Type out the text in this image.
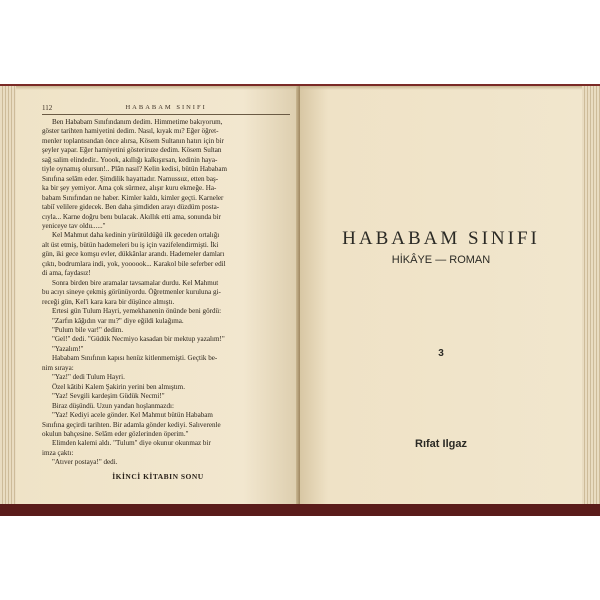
112	HABABAM SINIFI
Ben Hababam Sınıfındanım dedim. Himmetime bakıyorum,
göster tarihten hamiyetini dedim. Nasıl, kıyak mı? Eğer öğret-
menler toplantısından önce alırsa, Kösem Sultanın hatırı için bir
şeyler yapar. Eğer hamiyetini gösteriruze dedim. Kösem Sultan
sağ salim elindedir.. Yoook, akıllığı kalkışırsan, kedinin haya-
tiyle oynamış olursun!.. Plân nasıl? Kelin kedisi, bütün Hababam
Sınıfına selâm eder. Şimdilik hayattadır. Namussuz, etten baş-
ka bir şey yemiyor. Ama çok sürmez, alışır kuru ekmeğe. Ha-
babam Sınıfından ne haber. Kimler kaldı, kimler geçti. Karneler
tabiî velilere gidecek. Ben daha şimdiden arayı düzdüm posta-
cıyla... Karne doğru benı bulacak. Akıllık etti ama, sonunda bir
yeniceye tav oldu......"
Kel Mahmut daha kedinin yürütüldüğü ilk geceden ortalığı
alt üst etmiş, bütün hademeleri bu iş için vazifelendirmişti. İki
gün, iki gece komşu evler, dükkânlar arandı. Hademeler damları
çıktı, bodrumlara indi, yok, yoooook... Karakol bile seferber edil
di ama, faydasız!
Sonra birden bire aramalar tavsamalar durdu. Kel Mahmut
bu acıyı sineye çekmiş görünüyordu. Öğretmenler kuruluna gi-
receği gün, Kel'i kara kara bir düşünce almıştı.
Ertesi gün Tulum Hayri, yemekhanenin önünde beni gördü:
"Zarfın kâğıdın var mı?" diye eğildi kulağıma.
"Pulum bile var!" dedim.
"Gel!" dedi. "Güdük Necmiyo kasadan bir mektup yazalım!"
"Yazalım!"
Hababam Sınıfının kapısı henüz kitlenmemişti. Geçtik be-
nim sıraya:
"Yaz!" dedi Tulum Hayri.
Özel kâtibi Kalem Şakirin yerini ben almıştım.
"Yaz! Sevgili kardeşim Güdük Necmi!"
Biraz düşündü. Uzun yandan hoşlanmazdı:
"Yaz! Kediyi acele gönder. Kel Mahmut bütün Hababam
Sınıfına geçirdi tarihten. Bir adamla gönder kediyi. Salıverenle
okulun bahçesine. Selâm eder gözlerinden öperim."
Elimden kalemi aldı. "Tulum" diye okunur okunmaz bir
imza çaktı:
"Atıver postaya!" dedi.
İKİNCİ KİTABIN SONU
HABABAM SINIFI
HİKÂYE — ROMAN
3
Rıfat Ilgaz
